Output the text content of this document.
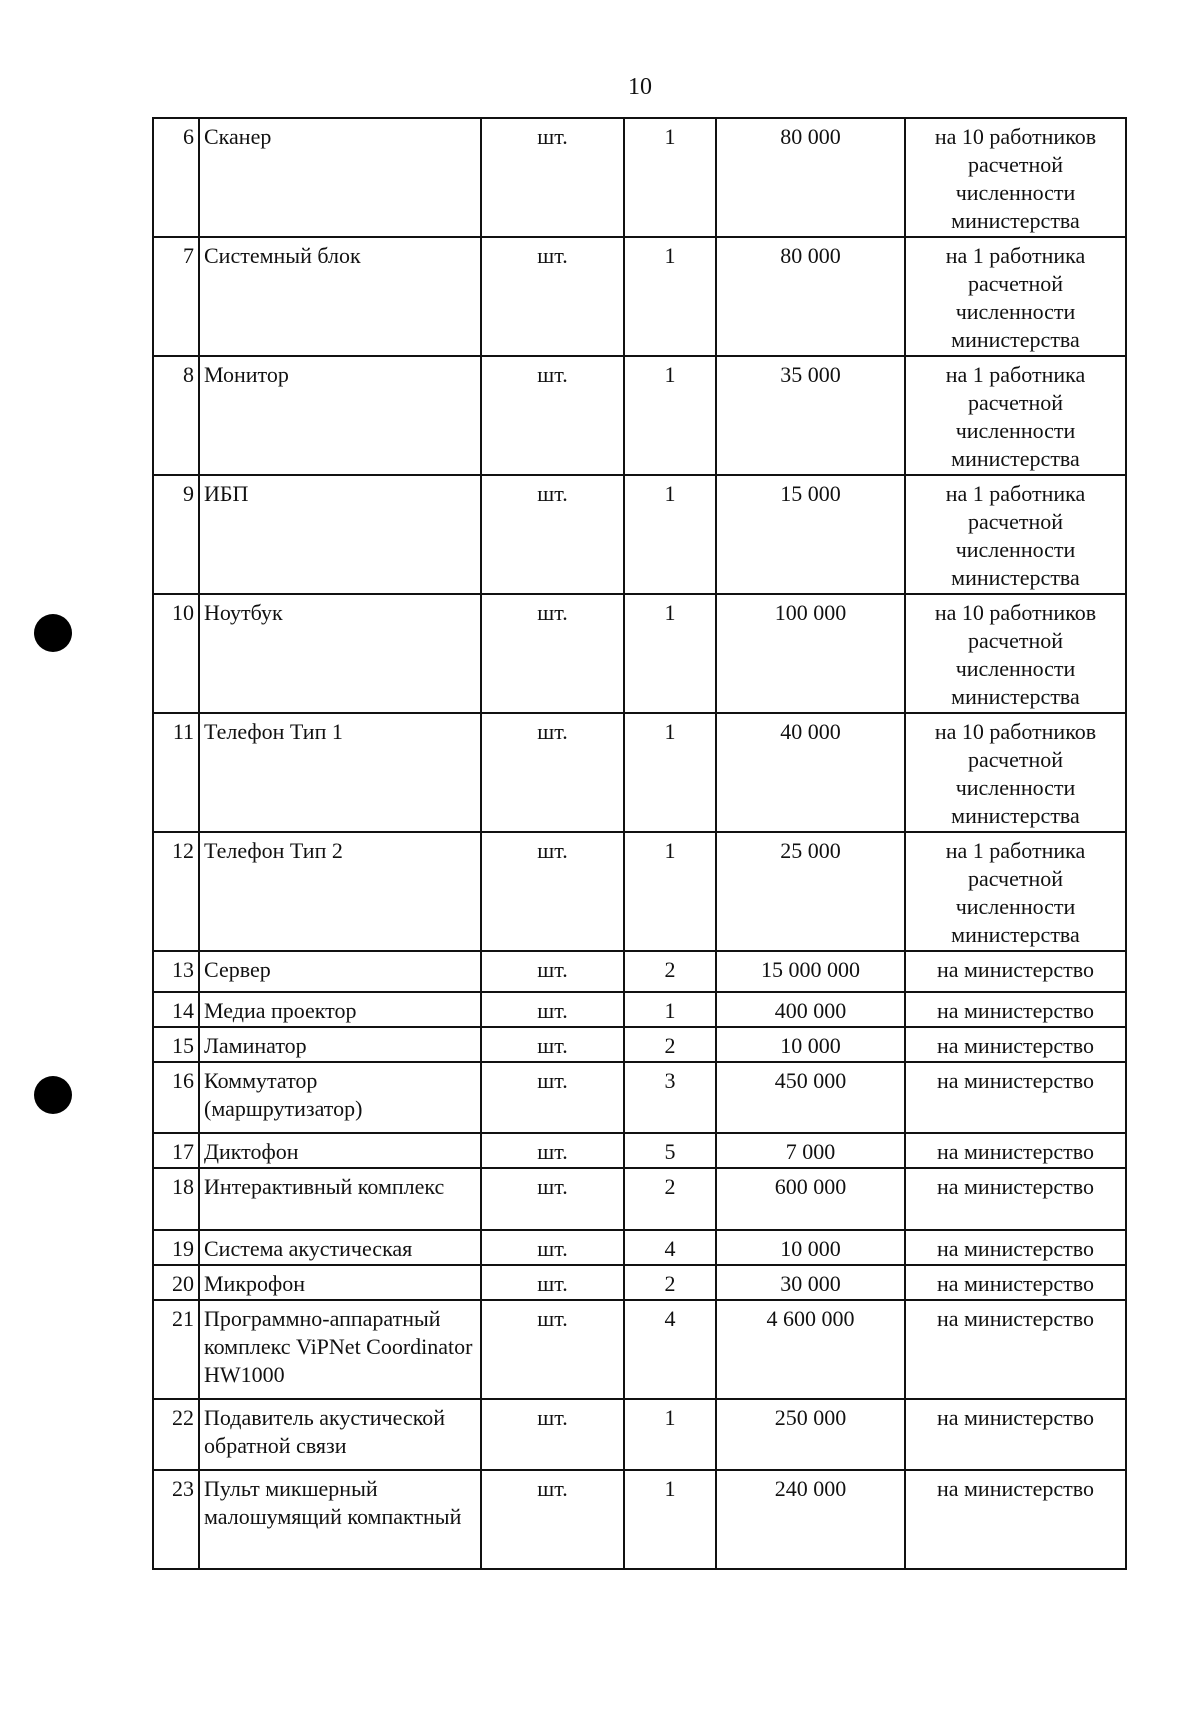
10
6	Сканер	шт.	1	80 000	на 10 работников расчетной численности министерства
7	Системный блок	шт.	1	80 000	на 1 работника расчетной численности министерства
8	Монитор	шт.	1	35 000	на 1 работника расчетной численности министерства
9	ИБП	шт.	1	15 000	на 1 работника расчетной численности министерства
10	Ноутбук	шт.	1	100 000	на 10 работников расчетной численности министерства
11	Телефон Тип 1	шт.	1	40 000	на 10 работников расчетной численности министерства
12	Телефон Тип 2	шт.	1	25 000	на 1 работника расчетной численности министерства
13	Сервер	шт.	2	15 000 000	на министерство
14	Медиа проектор	шт.	1	400 000	на министерство
15	Ламинатор	шт.	2	10 000	на министерство
16	Коммутатор (маршрутизатор)	шт.	3	450 000	на министерство
17	Диктофон	шт.	5	7 000	на министерство
18	Интерактивный комплекс	шт.	2	600 000	на министерство
19	Система акустическая	шт.	4	10 000	на министерство
20	Микрофон	шт.	2	30 000	на министерство
21	Программно-аппаратный комплекс ViPNet Coordinator HW1000	шт.	4	4 600 000	на министерство
22	Подавитель акустической обратной связи	шт.	1	250 000	на министерство
23	Пульт микшерный малошумящий компактный	шт.	1	240 000	на министерство
